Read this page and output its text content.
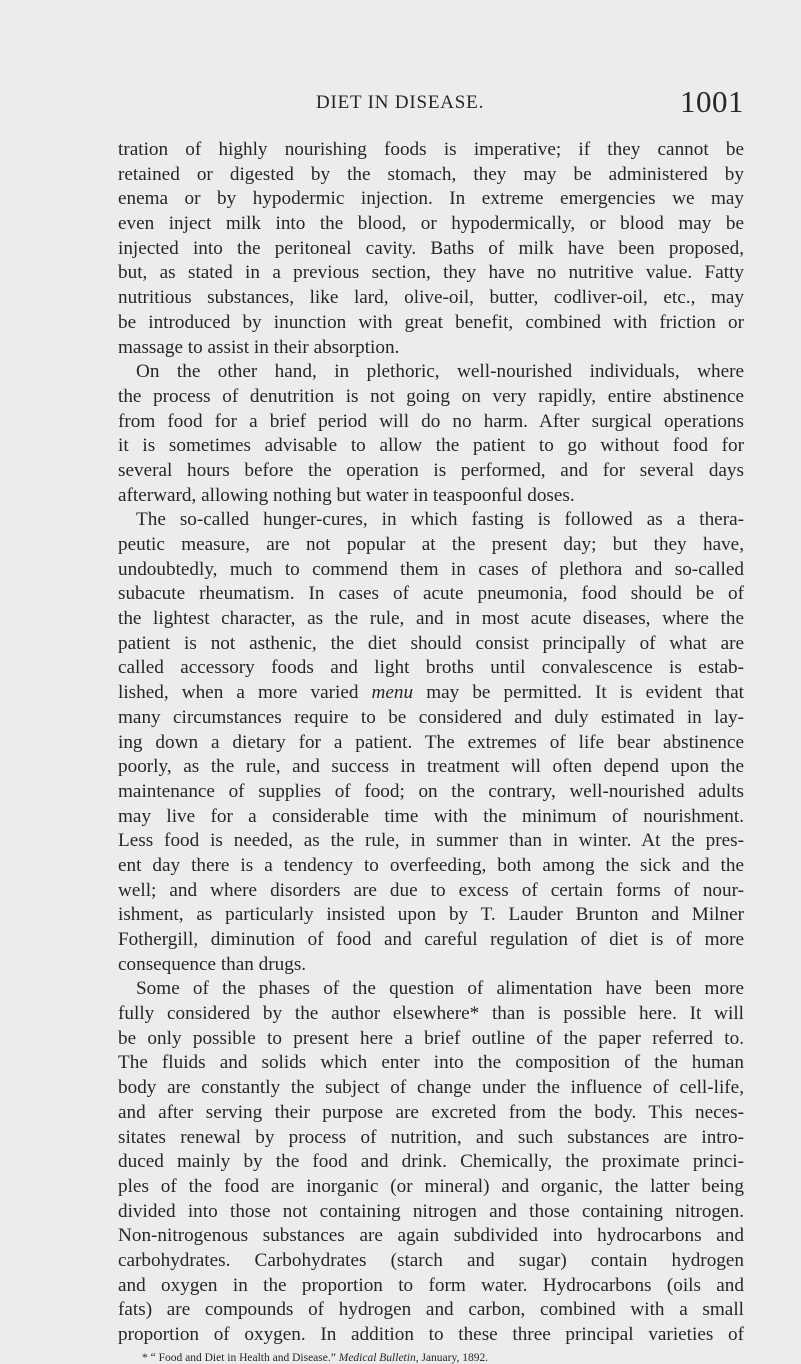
DIET IN DISEASE.	1001
tration of highly nourishing foods is imperative; if they cannot be
retained or digested by the stomach, they may be administered by
enema or by hypodermic injection. In extreme emergencies we may
even inject milk into the blood, or hypodermically, or blood may be
injected into the peritoneal cavity. Baths of milk have been proposed,
but, as stated in a previous section, they have no nutritive value. Fatty
nutritious substances, like lard, olive-oil, butter, codliver-oil, etc., may
be introduced by inunction with great benefit, combined with friction or
massage to assist in their absorption.
On the other hand, in plethoric, well-nourished individuals, where
the process of denutrition is not going on very rapidly, entire abstinence
from food for a brief period will do no harm. After surgical operations
it is sometimes advisable to allow the patient to go without food for
several hours before the operation is performed, and for several days
afterward, allowing nothing but water in teaspoonful doses.
The so-called hunger-cures, in which fasting is followed as a thera-
peutic measure, are not popular at the present day; but they have,
undoubtedly, much to commend them in cases of plethora and so-called
subacute rheumatism. In cases of acute pneumonia, food should be of
the lightest character, as the rule, and in most acute diseases, where the
patient is not asthenic, the diet should consist principally of what are
called accessory foods and light broths until convalescence is estab-
lished, when a more varied menu may be permitted. It is evident that
many circumstances require to be considered and duly estimated in lay-
ing down a dietary for a patient. The extremes of life bear abstinence
poorly, as the rule, and success in treatment will often depend upon the
maintenance of supplies of food; on the contrary, well-nourished adults
may live for a considerable time with the minimum of nourishment.
Less food is needed, as the rule, in summer than in winter. At the pres-
ent day there is a tendency to overfeeding, both among the sick and the
well; and where disorders are due to excess of certain forms of nour-
ishment, as particularly insisted upon by T. Lauder Brunton and Milner
Fothergill, diminution of food and careful regulation of diet is of more
consequence than drugs.
Some of the phases of the question of alimentation have been more
fully considered by the author elsewhere* than is possible here. It will
be only possible to present here a brief outline of the paper referred to.
The fluids and solids which enter into the composition of the human
body are constantly the subject of change under the influence of cell-life,
and after serving their purpose are excreted from the body. This neces-
sitates renewal by process of nutrition, and such substances are intro-
duced mainly by the food and drink. Chemically, the proximate princi-
ples of the food are inorganic (or mineral) and organic, the latter being
divided into those not containing nitrogen and those containing nitrogen.
Non-nitrogenous substances are again subdivided into hydrocarbons and
carbohydrates. Carbohydrates (starch and sugar) contain hydrogen
and oxygen in the proportion to form water. Hydrocarbons (oils and
fats) are compounds of hydrogen and carbon, combined with a small
proportion of oxygen. In addition to these three principal varieties of
* “ Food and Diet in Health and Disease.” Medical Bulletin, January, 1892.
